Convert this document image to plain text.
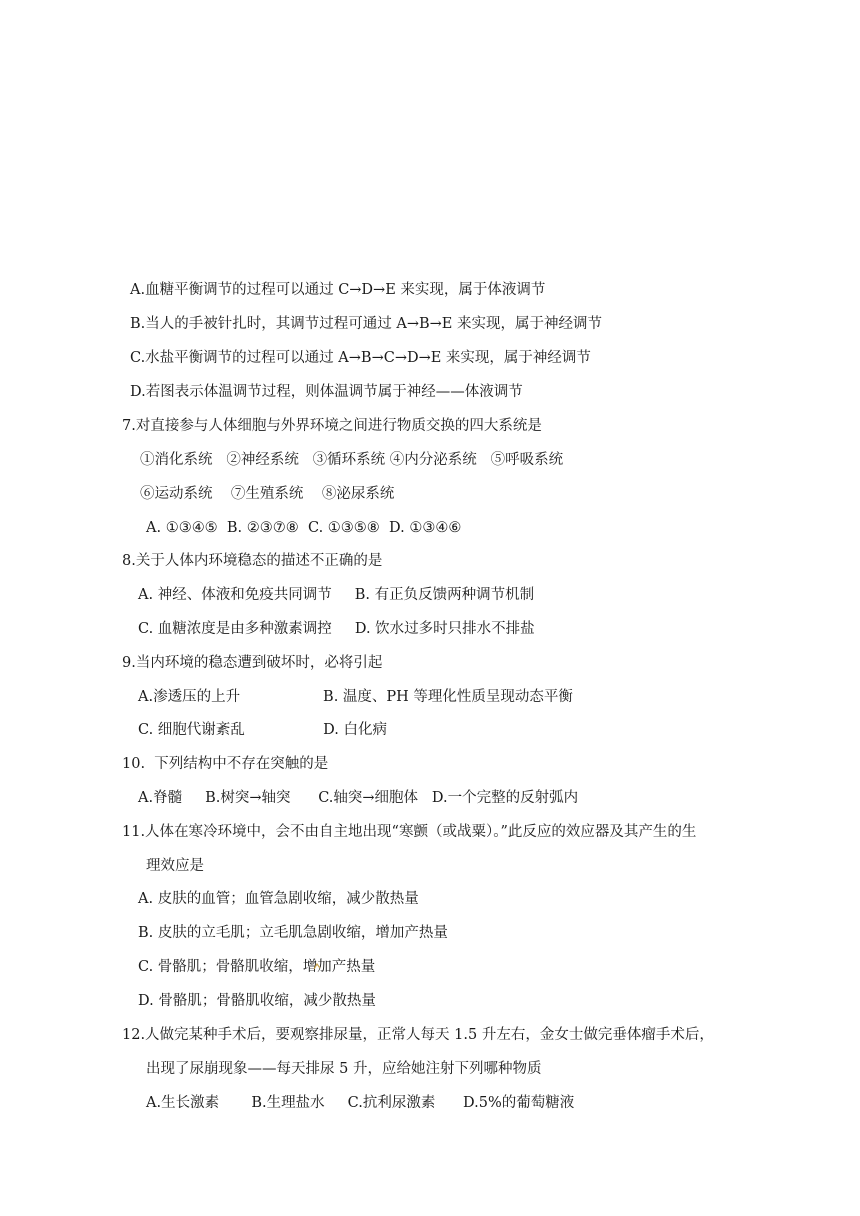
A.血糖平衡调节的过程可以通过 C→D→E 来实现，属于体液调节
B.当人的手被针扎时，其调节过程可通过 A→B→E 来实现，属于神经调节
C.水盐平衡调节的过程可以通过 A→B→C→D→E 来实现，属于神经调节
D.若图表示体温调节过程，则体温调节属于神经——体液调节
7.对直接参与人体细胞与外界环境之间进行物质交换的四大系统是
①消化系统   ②神经系统   ③循环系统 ④内分泌系统   ⑤呼吸系统
⑥运动系统    ⑦生殖系统    ⑧泌尿系统
A. ①③④⑤  B. ②③⑦⑧  C. ①③⑤⑧  D. ①③④⑥
8.关于人体内环境稳态的描述不正确的是
A. 神经、体液和免疫共同调节     B. 有正负反馈两种调节机制
C. 血糖浓度是由多种激素调控     D. 饮水过多时只排水不排盐
9.当内环境的稳态遭到破坏时，必将引起
A.渗透压的上升                  B. 温度、PH 等理化性质呈现动态平衡
C. 细胞代谢紊乱                 D. 白化病
10.  下列结构中不存在突触的是
A.脊髓     B.树突→轴突      C.轴突→细胞体   D.一个完整的反射弧内
11.人体在寒冷环境中，会不由自主地出现“寒颤（或战粟）。”此反应的效应器及其产生的生
理效应是
A. 皮肤的血管；血管急剧收缩，减少散热量
B. 皮肤的立毛肌；立毛肌急剧收缩，增加产热量
C. 骨骼肌；骨骼肌收缩，增加产热量
D. 骨骼肌；骨骼肌收缩，减少散热量
12.人做完某种手术后，要观察排尿量，正常人每天 1.5 升左右，金女士做完垂体瘤手术后，
出现了尿崩现象——每天排尿 5 升，应给她注射下列哪种物质
A.生长激素       B.生理盐水     C.抗利尿激素      D.5%的葡萄糖液
